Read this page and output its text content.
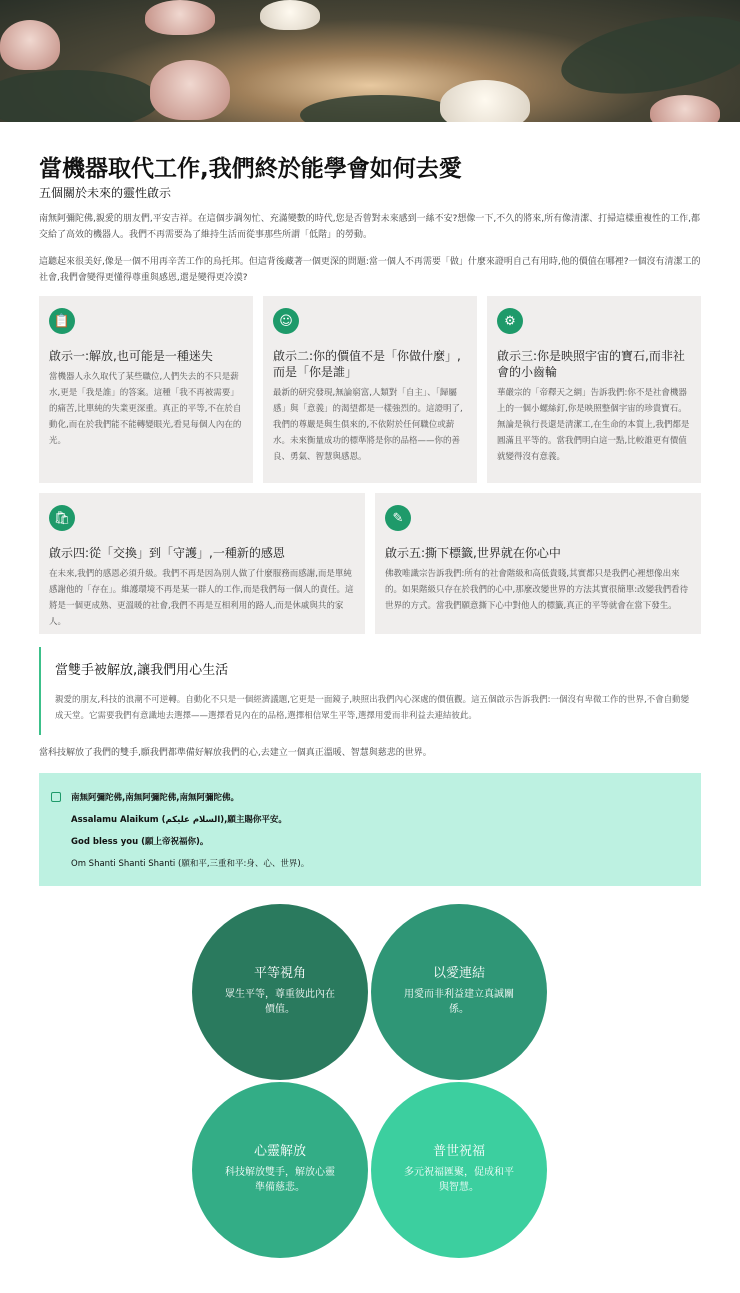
當機器取代工作,我們終於能學會如何去愛
五個關於未來的靈性啟示

南無阿彌陀佛,親愛的朋友們,平安吉祥。在這個步調匆忙、充滿變數的時代,您是否曾對未來感到一絲不安?想像一下,不久的將來,所有像清潔、打掃這樣重複性的工作,都交給了高效的機器人。我們不再需要為了維持生活而從事那些所謂「低階」的勞動。

這聽起來很美好,像是一個不用再辛苦工作的烏托邦。但這背後藏著一個更深的問題:當一個人不再需要「做」什麼來證明自己有用時,他的價值在哪裡?一個沒有清潔工的社會,我們會變得更懂得尊重與感恩,還是變得更冷漠?

📋
啟示一:解放,也可能是一種迷失

當機器人永久取代了某些職位,人們失去的不只是薪水,更是「我是誰」的答案。這種「我不再被需要」的痛苦,比單純的失業更深重。真正的平等,不在於自動化,而在於我們能不能轉變眼光,看見每個人內在的光。

☺
啟示二:你的價值不是「你做什麼」,而是「你是誰」

最新的研究發現,無論窮富,人類對「自主」、「歸屬感」與「意義」的渴望都是一樣強烈的。這證明了,我們的尊嚴是與生俱來的,不依附於任何職位或薪水。未來衡量成功的標準將是你的品格——你的善良、勇氣、智慧與感恩。

⚙
啟示三:你是映照宇宙的寶石,而非社會的小齒輪

華嚴宗的「帝釋天之網」告訴我們:你不是社會機器上的一個小螺絲釘,你是映照整個宇宙的珍貴寶石。無論是執行長還是清潔工,在生命的本質上,我們都是圓滿且平等的。當我們明白這一點,比較誰更有價值就變得沒有意義。

🛍
啟示四:從「交換」到「守護」,一種新的感恩

在未來,我們的感恩必須升級。我們不再是因為別人做了什麼服務而感謝,而是單純感謝他的「存在」。維護環境不再是某一群人的工作,而是我們每一個人的責任。這將是一個更成熟、更溫暖的社會,我們不再是互相利用的路人,而是休戚與共的家人。

✎
啟示五:撕下標籤,世界就在你心中

佛教唯識宗告訴我們:所有的社會階級和高低貴賤,其實都只是我們心裡想像出來的。如果階級只存在於我們的心中,那麼改變世界的方法其實很簡單:改變我們看待世界的方式。當我們願意撕下心中對他人的標籤,真正的平等就會在當下發生。

當雙手被解放,讓我們用心生活

親愛的朋友,科技的浪潮不可逆轉。自動化不只是一個經濟議題,它更是一面鏡子,映照出我們內心深處的價值觀。這五個啟示告訴我們:一個沒有卑微工作的世界,不會自動變成天堂。它需要我們有意識地去選擇——選擇看見內在的品格,選擇相信眾生平等,選擇用愛而非利益去連結彼此。

當科技解放了我們的雙手,願我們都準備好解放我們的心,去建立一個真正溫暖、智慧與慈悲的世界。

南無阿彌陀佛,南無阿彌陀佛,南無阿彌陀佛。
Assalamu Alaikum (السلام عليكم),願主賜你平安。
God bless you (願上帝祝福你)。
Om Shanti Shanti Shanti (願和平,三重和平:身、心、世界)。
平等視角

眾生平等，尊重彼此內在價值。

以愛連結

用愛而非利益建立真誠關係。

心靈解放

科技解放雙手，解放心靈準備慈悲。

普世祝福

多元祝福匯聚，促成和平與智慧。
